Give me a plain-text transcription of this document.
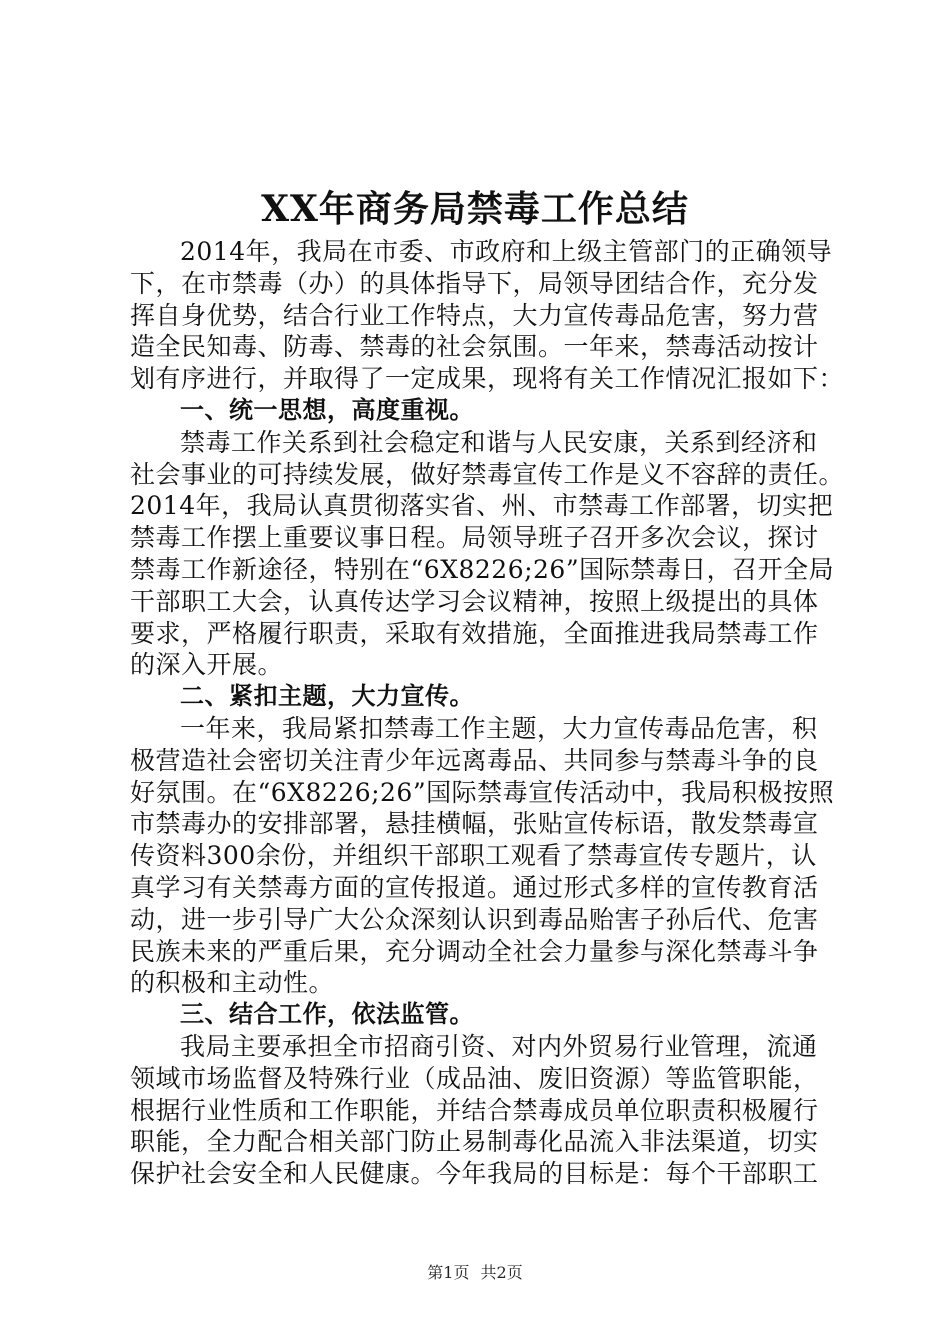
XX年商务局禁毒工作总结
2014年，我局在市委、市政府和上级主管部门的正确领导
下，在市禁毒（办）的具体指导下，局领导团结合作，充分发
挥自身优势，结合行业工作特点，大力宣传毒品危害，努力营
造全民知毒、防毒、禁毒的社会氛围。一年来，禁毒活动按计
划有序进行，并取得了一定成果，现将有关工作情况汇报如下：
一、统一思想，高度重视。
禁毒工作关系到社会稳定和谐与人民安康，关系到经济和
社会事业的可持续发展，做好禁毒宣传工作是义不容辞的责任。
2014年，我局认真贯彻落实省、州、市禁毒工作部署，切实把
禁毒工作摆上重要议事日程。局领导班子召开多次会议，探讨
禁毒工作新途径，特别在“6X8226;26”国际禁毒日，召开全局
干部职工大会，认真传达学习会议精神，按照上级提出的具体
要求，严格履行职责，采取有效措施，全面推进我局禁毒工作
的深入开展。
二、紧扣主题，大力宣传。
一年来，我局紧扣禁毒工作主题，大力宣传毒品危害，积
极营造社会密切关注青少年远离毒品、共同参与禁毒斗争的良
好氛围。在“6X8226;26”国际禁毒宣传活动中，我局积极按照
市禁毒办的安排部署，悬挂横幅，张贴宣传标语，散发禁毒宣
传资料300余份，并组织干部职工观看了禁毒宣传专题片，认
真学习有关禁毒方面的宣传报道。通过形式多样的宣传教育活
动，进一步引导广大公众深刻认识到毒品贻害子孙后代、危害
民族未来的严重后果，充分调动全社会力量参与深化禁毒斗争
的积极和主动性。
三、结合工作，依法监管。
我局主要承担全市招商引资、对内外贸易行业管理，流通
领域市场监督及特殊行业（成品油、废旧资源）等监管职能，
根据行业性质和工作职能，并结合禁毒成员单位职责积极履行
职能，全力配合相关部门防止易制毒化品流入非法渠道，切实
保护社会安全和人民健康。今年我局的目标是：每个干部职工
第1页 共2页
